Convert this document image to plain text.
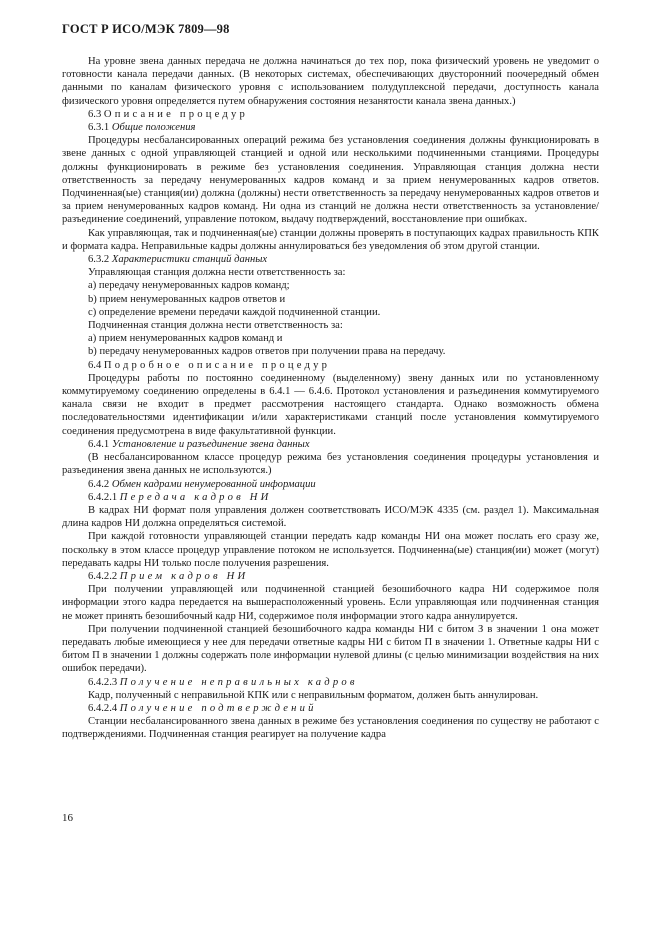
ГОСТ Р ИСО/МЭК 7809—98

На уровне звена данных передача не должна начинаться до тех пор, пока физический уровень не уведомит о готовности канала передачи данных. (В некоторых системах, обеспечивающих двусторонний поочередный обмен данными по каналам физического уровня с использованием полудуплексной передачи, доступность канала физического уровня определяется путем обнаружения состояния незанятости канала звена данных.)

6.3 Описание процедур

6.3.1 Общие положения

Процедуры несбалансированных операций режима без установления соединения должны функционировать в звене данных с одной управляющей станцией и одной или несколькими подчиненными станциями. Процедуры должны функционировать в режиме без установления соединения. Управляющая станция должна нести ответственность за передачу ненумерованных кадров команд и за прием ненумерованных кадров ответов. Подчиненная(ые) станция(ии) должна (должны) нести ответственность за передачу ненумерованных кадров ответов и за прием ненумерованных кадров команд. Ни одна из станций не должна нести ответственность за установление/разъединение соединений, управление потоком, выдачу подтверждений, восстановление при ошибках.

Как управляющая, так и подчиненная(ые) станции должны проверять в поступающих кадрах правильность КПК и формата кадра. Неправильные кадры должны аннулироваться без уведомления об этом другой станции.

6.3.2 Характеристики станций данных

Управляющая станция должна нести ответственность за:

а) передачу ненумерованных кадров команд;

b) прием ненумерованных кадров ответов и

с) определение времени передачи каждой подчиненной станции.

Подчиненная станция должна нести ответственность за:

а) прием ненумерованных кадров команд и

b) передачу ненумерованных кадров ответов при получении права на передачу.

6.4 Подробное описание процедур

Процедуры работы по постоянно соединенному (выделенному) звену данных или по установленному коммутируемому соединению определены в 6.4.1 — 6.4.6. Протокол установления и разъединения коммутируемого канала связи не входит в предмет рассмотрения настоящего стандарта. Однако возможность обмена последовательностями идентификации и/или характеристиками станций после установления коммутируемого соединения предусмотрена в виде факультативной функции.

6.4.1 Установление и разъединение звена данных

(В несбалансированном классе процедур режима без установления соединения процедуры установления и разъединения звена данных не используются.)

6.4.2 Обмен кадрами ненумерованной информации

6.4.2.1 Передача кадров НИ

В кадрах НИ формат поля управления должен соответствовать ИСО/МЭК 4335 (см. раздел 1). Максимальная длина кадров НИ должна определяться системой.

При каждой готовности управляющей станции передать кадр команды НИ она может послать его сразу же, поскольку в этом классе процедур управление потоком не используется. Подчиненна(ые) станция(ии) может (могут) передавать кадры НИ только после получения разрешения.

6.4.2.2 Прием кадров НИ

При получении управляющей или подчиненной станцией безошибочного кадра НИ содержимое поля информации этого кадра передается на вышерасположенный уровень. Если управляющая или подчиненная станция не может принять безошибочный кадр НИ, содержимое поля информации этого кадра аннулируется.

При получении подчиненной станцией безошибочного кадра команды НИ с битом З в значении 1 она может передавать любые имеющиеся у нее для передачи ответные кадры НИ с битом П в значении 1. Ответные кадры НИ с битом П в значении 1 должны содержать поле информации нулевой длины (с целью минимизации воздействия на них ошибок передачи).

6.4.2.3 Получение неправильных кадров

Кадр, полученный с неправильной КПК или с неправильным форматом, должен быть аннулирован.

6.4.2.4 Получение подтверждений

Станции несбалансированного звена данных в режиме без установления соединения по существу не работают с подтверждениями. Подчиненная станция реагирует на получение кадра

16
